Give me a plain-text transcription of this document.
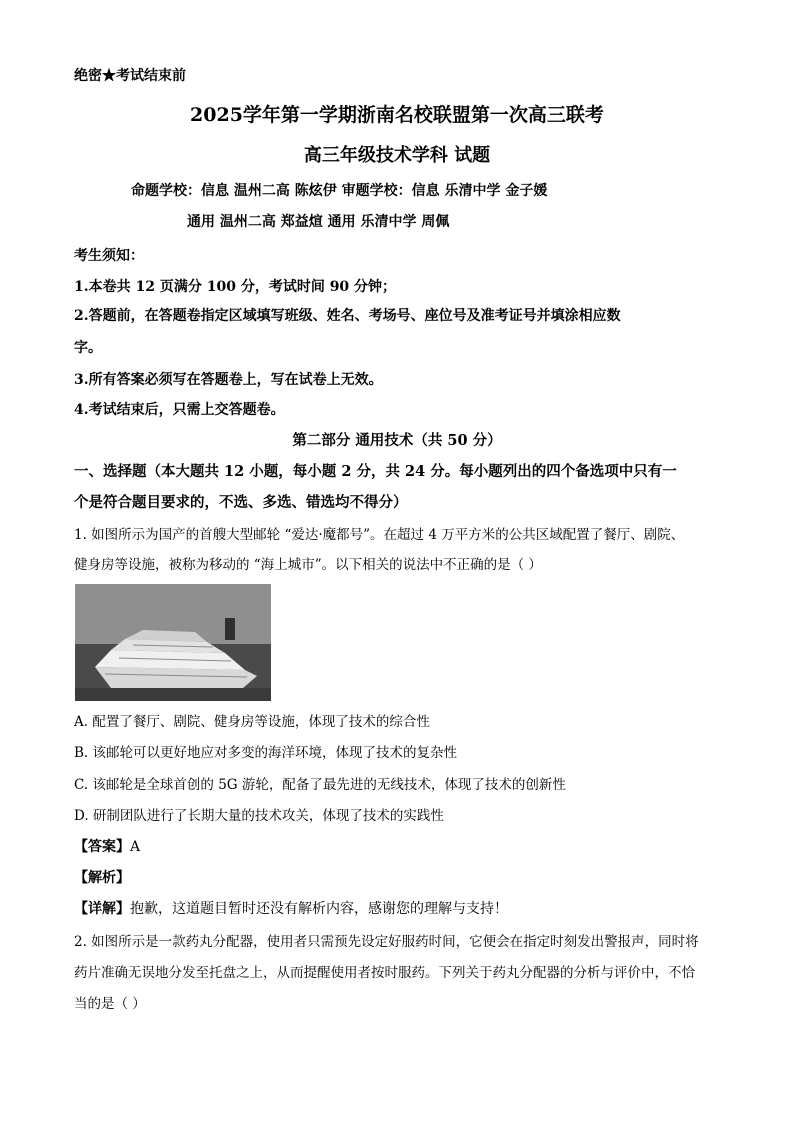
绝密★考试结束前
2025学年第一学期浙南名校联盟第一次高三联考
高三年级技术学科 试题
命题学校：信息 温州二高 陈炫伊 审题学校：信息 乐清中学 金子媛
通用 温州二高 郑益煊 通用 乐清中学 周佩
考生须知：
1.本卷共 12 页满分 100 分，考试时间 90 分钟；
2.答题前，在答题卷指定区域填写班级、姓名、考场号、座位号及准考证号并填涂相应数
字。
3.所有答案必须写在答题卷上，写在试卷上无效。
4.考试结束后，只需上交答题卷。
第二部分 通用技术（共 50 分）
一、选择题（本大题共 12 小题，每小题 2 分，共 24 分。每小题列出的四个备选项中只有一
个是符合题目要求的，不选、多选、错选均不得分）
1. 如图所示为国产的首艘大型邮轮 “爱达·魔都号”。在超过 4 万平方米的公共区域配置了餐厅、剧院、
健身房等设施，被称为移动的 “海上城市”。以下相关的说法中不正确的是（ ）
A. 配置了餐厅、剧院、健身房等设施，体现了技术的综合性
B. 该邮轮可以更好地应对多变的海洋环境，体现了技术的复杂性
C. 该邮轮是全球首创的 5G 游轮，配备了最先进的无线技术，体现了技术的创新性
D. 研制团队进行了长期大量的技术攻关，体现了技术的实践性
【答案】A
【解析】
【详解】抱歉，这道题目暂时还没有解析内容，感谢您的理解与支持！
2. 如图所示是一款药丸分配器，使用者只需预先设定好服药时间，它便会在指定时刻发出警报声，同时将
药片准确无误地分发至托盘之上，从而提醒使用者按时服药。下列关于药丸分配器的分析与评价中，不恰
当的是（ ）
